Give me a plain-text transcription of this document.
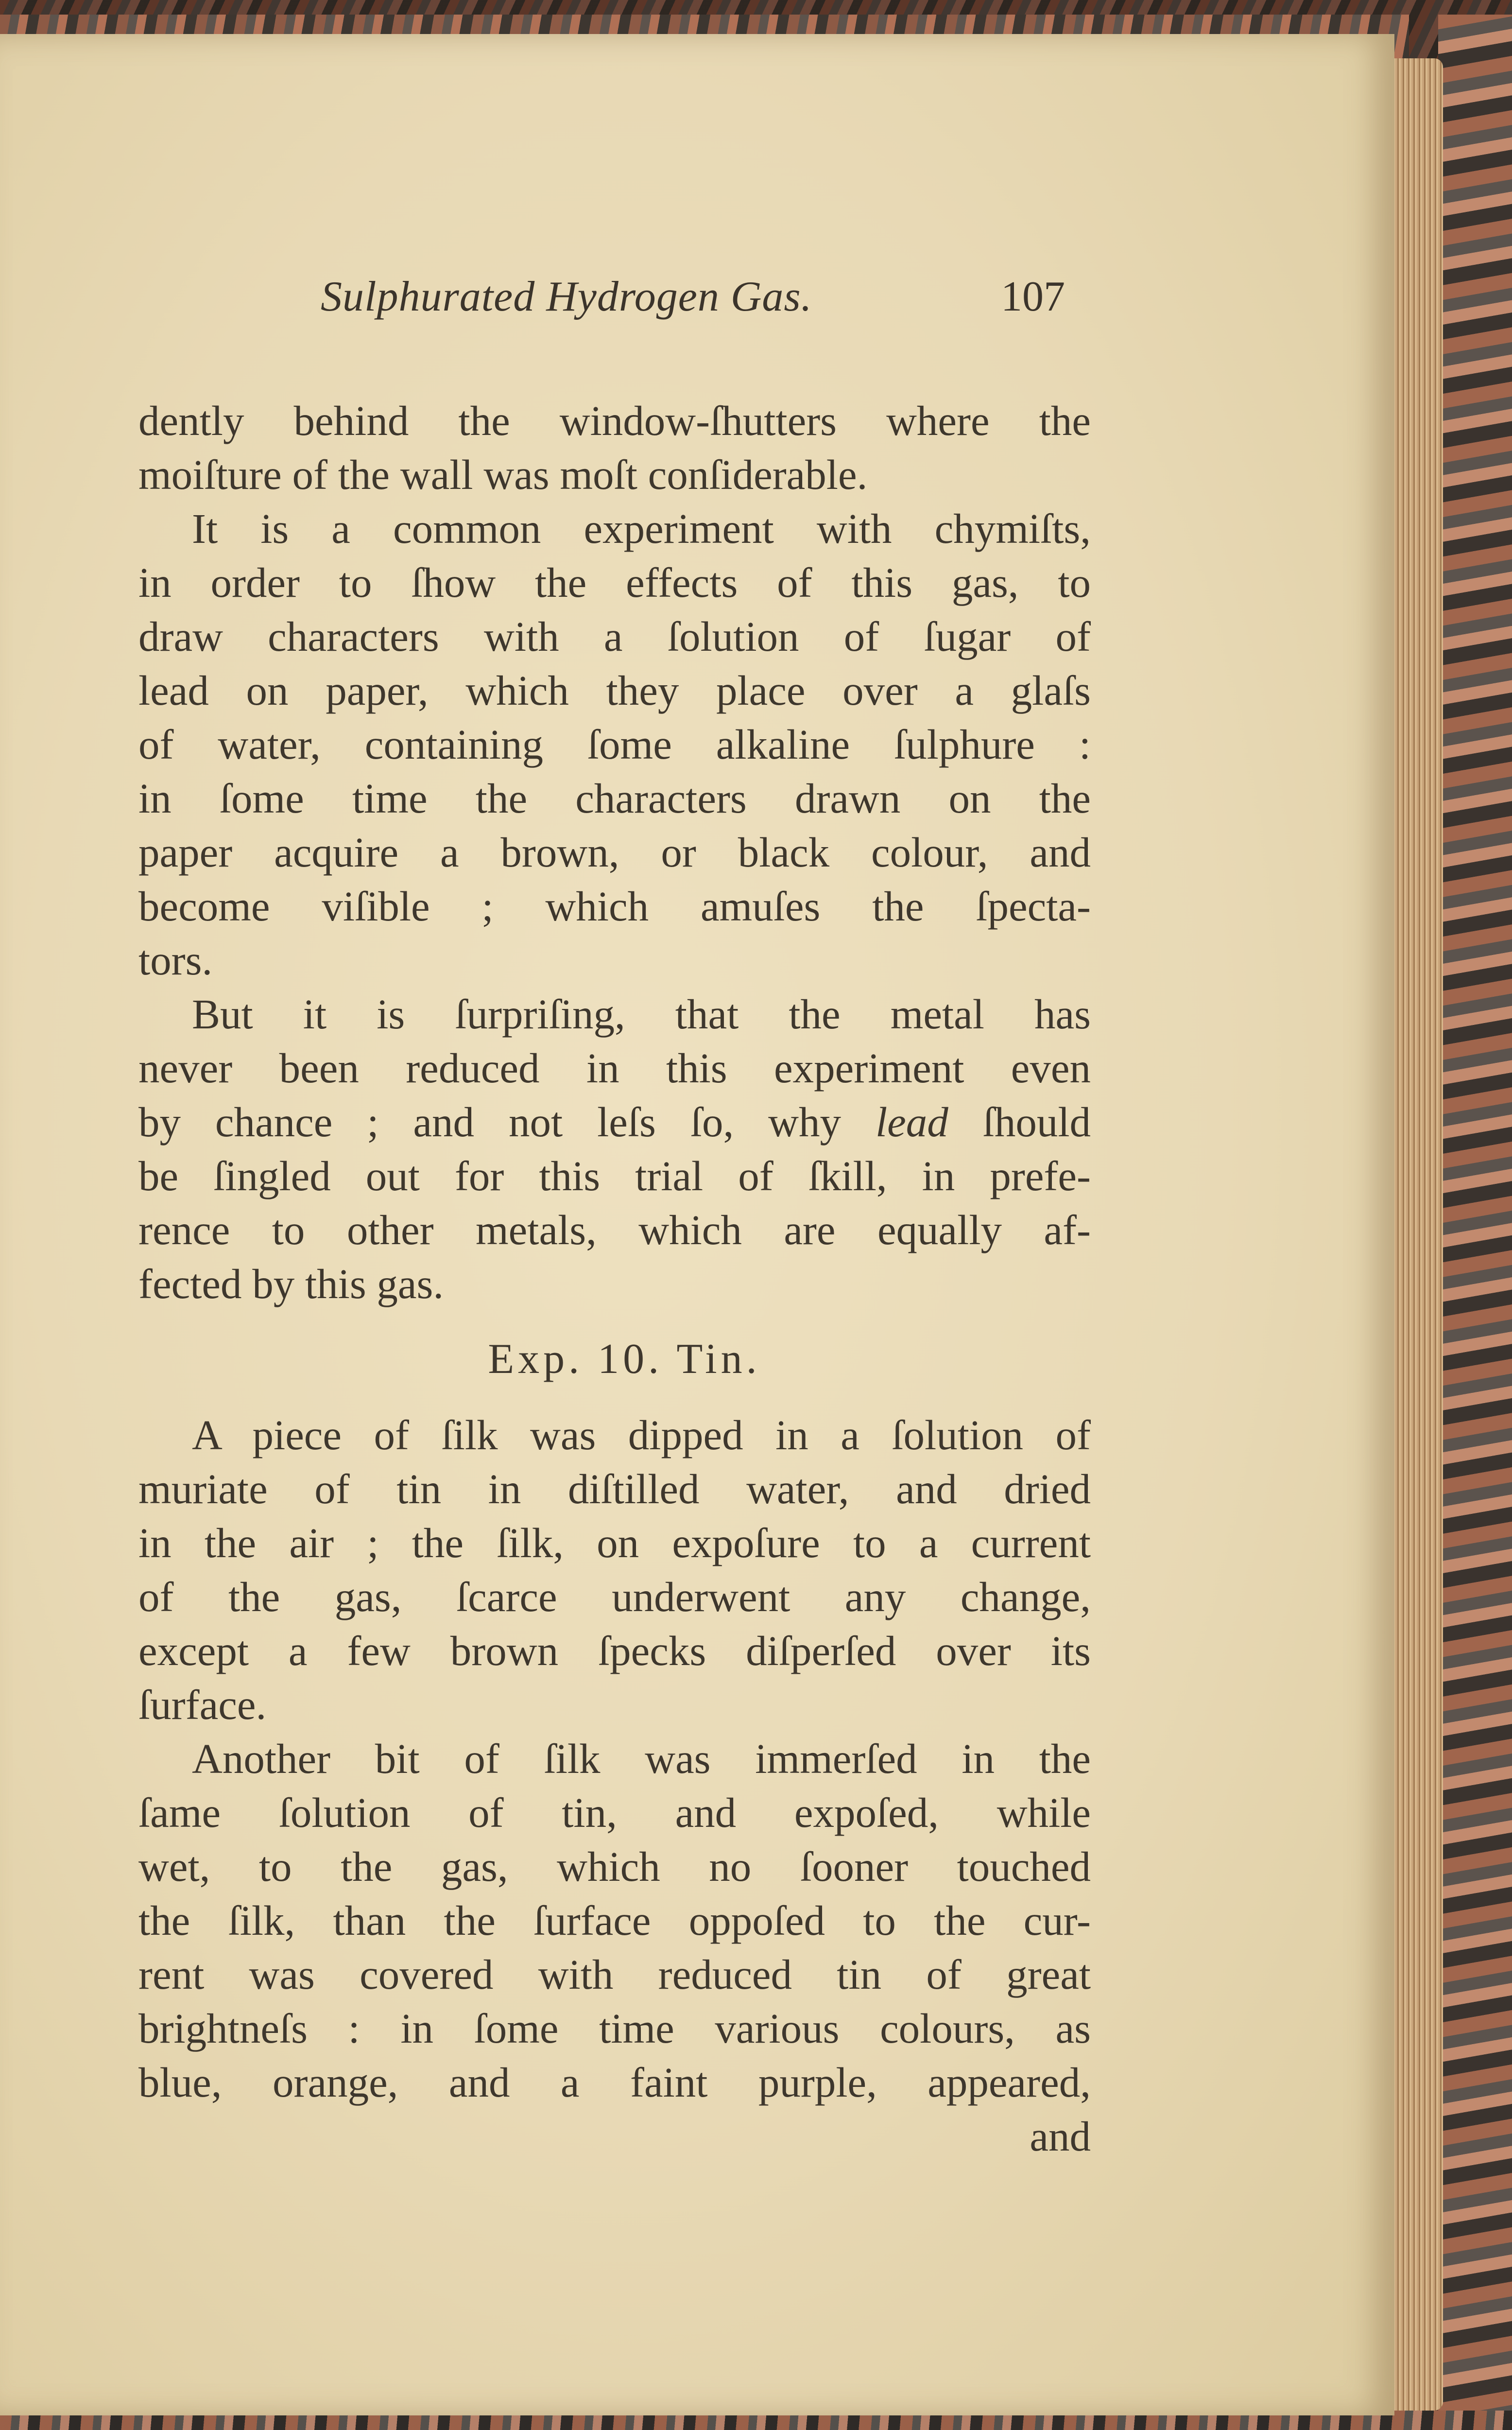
Sulphurated Hydrogen Gas.	107
dently behind the window-ſhutters where the
moiſture of the wall was moſt conſiderable.
It is a common experiment with chymiſts,
in order to ſhow the effects of this gas, to
draw characters with a ſolution of ſugar of
lead on paper, which they place over a glaſs
of water, containing ſome alkaline ſulphure :
in ſome time the characters drawn on the
paper acquire a brown, or black colour, and
become viſible ; which amuſes the ſpecta-
tors.
But it is ſurpriſing, that the metal has
never been reduced in this experiment even
by chance ; and not leſs ſo, why lead ſhould
be ſingled out for this trial of ſkill, in prefe-
rence to other metals, which are equally af-
fected by this gas.
Exp. 10. Tin.
A piece of ſilk was dipped in a ſolution of
muriate of tin in diſtilled water, and dried
in the air ; the ſilk, on expoſure to a current
of the gas, ſcarce underwent any change,
except a few brown ſpecks diſperſed over its
ſurface.
Another bit of ſilk was immerſed in the
ſame ſolution of tin, and expoſed, while
wet, to the gas, which no ſooner touched
the ſilk, than the ſurface oppoſed to the cur-
rent was covered with reduced tin of great
brightneſs : in ſome time various colours, as
blue, orange, and a faint purple, appeared,
and
